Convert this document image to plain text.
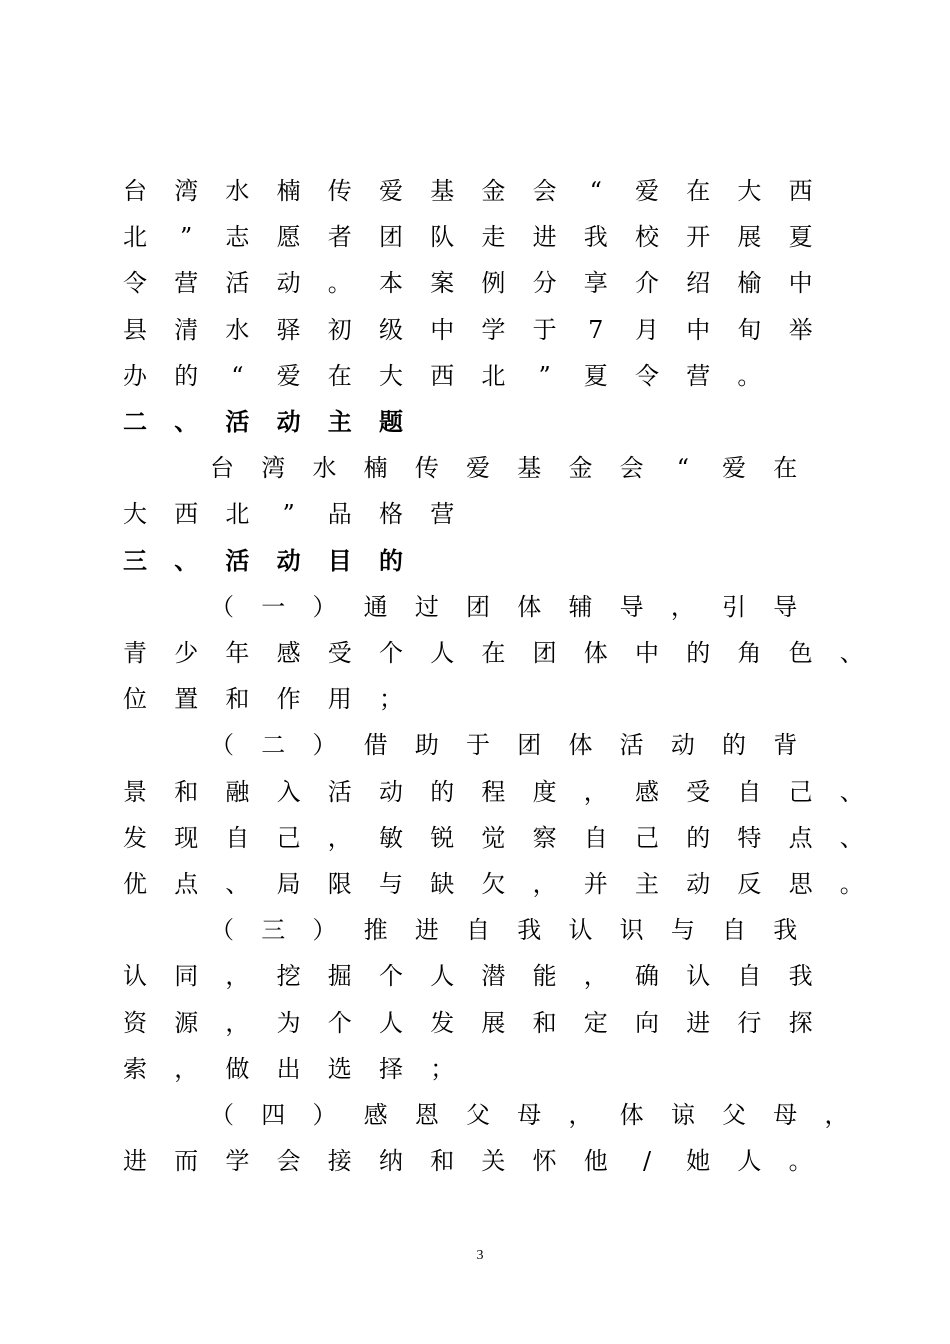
台 湾 水 楠 传 爱 基 金 会	“	爱 在 大 西
北	”	志 愿 者 团 队 走 进 我 校 开 展 夏
令 营 活 动 。 本 案 例 分 享 介 绍 榆 中
县 清 水 驿 初 级 中 学 于	7	月 中 旬 举
办 的	“	爱 在 大 西 北	”	夏 令 营 。
二 、 活 动 主 题
台 湾 水 楠 传 爱 基 金 会	“	爱 在
大 西 北	”	品 格 营
三 、 活 动 目 的
（ 一 ） 通 过 团 体 辅 导 ， 引 导
青 少 年 感 受 个 人 在 团 体 中 的 角 色 、
位 置 和 作 用 ；
（ 二 ） 借 助 于 团 体 活 动 的 背
景 和 融 入 活 动 的 程 度 ， 感 受 自 己 、
发 现 自 己 ， 敏 锐 觉 察 自 己 的 特 点 、
优 点 、 局 限 与 缺 欠 ， 并 主 动 反 思 。
（ 三 ） 推 进 自 我 认 识 与 自 我
认 同 ， 挖 掘 个 人 潜 能 ， 确 认 自 我
资 源 ， 为 个 人 发 展 和 定 向 进 行 探
索 ， 做 出 选 择 ；
（ 四 ） 感 恩 父 母 ， 体 谅 父 母 ，
进 而 学 会 接 纳 和 关 怀 他	/	她 人 。
3
